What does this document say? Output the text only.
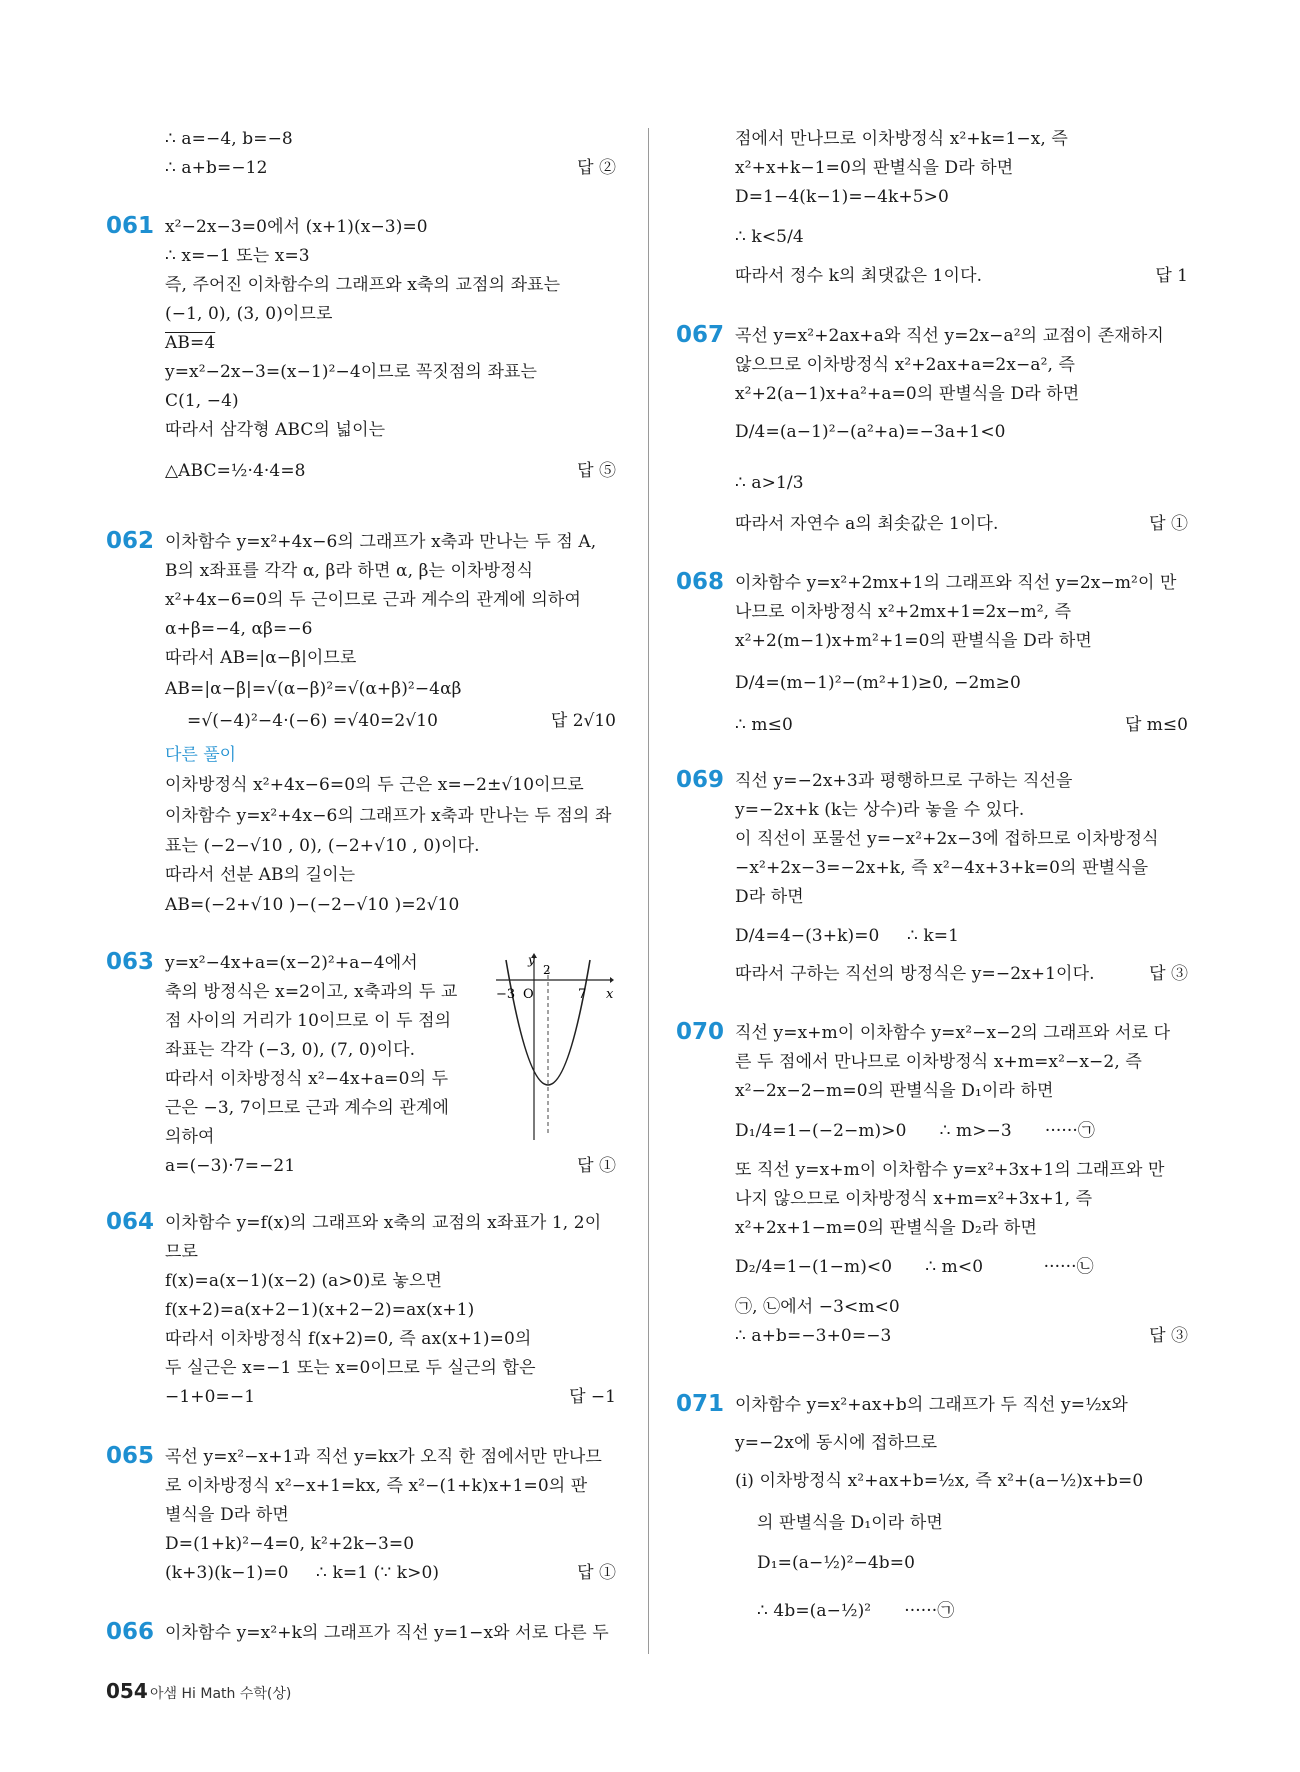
∴ a=−4, b=−8
∴ a+b=−12	답 ②
061 x²−2x−3=0에서 (x+1)(x−3)=0
∴ x=−1 또는 x=3
즉, 주어진 이차함수의 그래프와 x축의 교점의 좌표는
(−1, 0), (3, 0)이므로
AB=4
y=x²−2x−3=(x−1)²−4이므로 꼭짓점의 좌표는
C(1, −4)
따라서 삼각형 ABC의 넓이는
△ABC=½·4·4=8	답 ⑤
062 이차함수 y=x²+4x−6의 그래프가 x축과 만나는 두 점 A,
B의 x좌표를 각각 α, β라 하면 α, β는 이차방정식
x²+4x−6=0의 두 근이므로 근과 계수의 관계에 의하여
α+β=−4, αβ=−6
따라서 AB=|α−β|이므로
AB=|α−β|=√(α−β)²=√(α+β)²−4αβ
=√(−4)²−4·(−6) =√40=2√10	답 2√10
다른 풀이
이차방정식 x²+4x−6=0의 두 근은 x=−2±√10이므로
이차함수 y=x²+4x−6의 그래프가 x축과 만나는 두 점의 좌
표는 (−2−√10 , 0), (−2+√10 , 0)이다.
따라서 선분 AB의 길이는
AB=(−2+√10 )−(−2−√10 )=2√10
063 y=x²−4x+a=(x−2)²+a−4에서
축의 방정식은 x=2이고, x축과의 두 교
점 사이의 거리가 10이므로 이 두 점의
좌표는 각각 (−3, 0), (7, 0)이다.
따라서 이차방정식 x²−4x+a=0의 두
근은 −3, 7이므로 근과 계수의 관계에
의하여
a=(−3)·7=−21	답 ①
y
x
O
−3	7
2
064 이차함수 y=f(x)의 그래프와 x축의 교점의 x좌표가 1, 2이
므로
f(x)=a(x−1)(x−2) (a>0)로 놓으면
f(x+2)=a(x+2−1)(x+2−2)=ax(x+1)
따라서 이차방정식 f(x+2)=0, 즉 ax(x+1)=0의
두 실근은 x=−1 또는 x=0이므로 두 실근의 합은
−1+0=−1	답 −1
065 곡선 y=x²−x+1과 직선 y=kx가 오직 한 점에서만 만나므
로 이차방정식 x²−x+1=kx, 즉 x²−(1+k)x+1=0의 판
별식을 D라 하면
D=(1+k)²−4=0, k²+2k−3=0
(k+3)(k−1)=0     ∴ k=1 (∵ k>0)	답 ①
066 이차함수 y=x²+k의 그래프가 직선 y=1−x와 서로 다른 두
점에서 만나므로 이차방정식 x²+k=1−x, 즉
x²+x+k−1=0의 판별식을 D라 하면
D=1−4(k−1)=−4k+5>0
∴ k<5/4
따라서 정수 k의 최댓값은 1이다.	답 1
067 곡선 y=x²+2ax+a와 직선 y=2x−a²의 교점이 존재하지
않으므로 이차방정식 x²+2ax+a=2x−a², 즉
x²+2(a−1)x+a²+a=0의 판별식을 D라 하면
D/4=(a−1)²−(a²+a)=−3a+1<0
∴ a>1/3
따라서 자연수 a의 최솟값은 1이다.	답 ①
068 이차함수 y=x²+2mx+1의 그래프와 직선 y=2x−m²이 만
나므로 이차방정식 x²+2mx+1=2x−m², 즉
x²+2(m−1)x+m²+1=0의 판별식을 D라 하면
D/4=(m−1)²−(m²+1)≥0, −2m≥0
∴ m≤0	답 m≤0
069 직선 y=−2x+3과 평행하므로 구하는 직선을
y=−2x+k (k는 상수)라 놓을 수 있다.
이 직선이 포물선 y=−x²+2x−3에 접하므로 이차방정식
−x²+2x−3=−2x+k, 즉 x²−4x+3+k=0의 판별식을
D라 하면
D/4=4−(3+k)=0     ∴ k=1
따라서 구하는 직선의 방정식은 y=−2x+1이다.	답 ③
070 직선 y=x+m이 이차함수 y=x²−x−2의 그래프와 서로 다
른 두 점에서 만나므로 이차방정식 x+m=x²−x−2, 즉
x²−2x−2−m=0의 판별식을 D₁이라 하면
D₁/4=1−(−2−m)>0      ∴ m>−3      ······㉠
또 직선 y=x+m이 이차함수 y=x²+3x+1의 그래프와 만
나지 않으므로 이차방정식 x+m=x²+3x+1, 즉
x²+2x+1−m=0의 판별식을 D₂라 하면
D₂/4=1−(1−m)<0      ∴ m<0           ······㉡
㉠, ㉡에서 −3<m<0
∴ a+b=−3+0=−3	답 ③
071 이차함수 y=x²+ax+b의 그래프가 두 직선 y=½x와
y=−2x에 동시에 접하므로
(ⅰ) 이차방정식 x²+ax+b=½x, 즉 x²+(a−½)x+b=0
의 판별식을 D₁이라 하면
D₁=(a−½)²−4b=0
∴ 4b=(a−½)²      ······㉠
054 아샘 Hi Math 수학(상)
